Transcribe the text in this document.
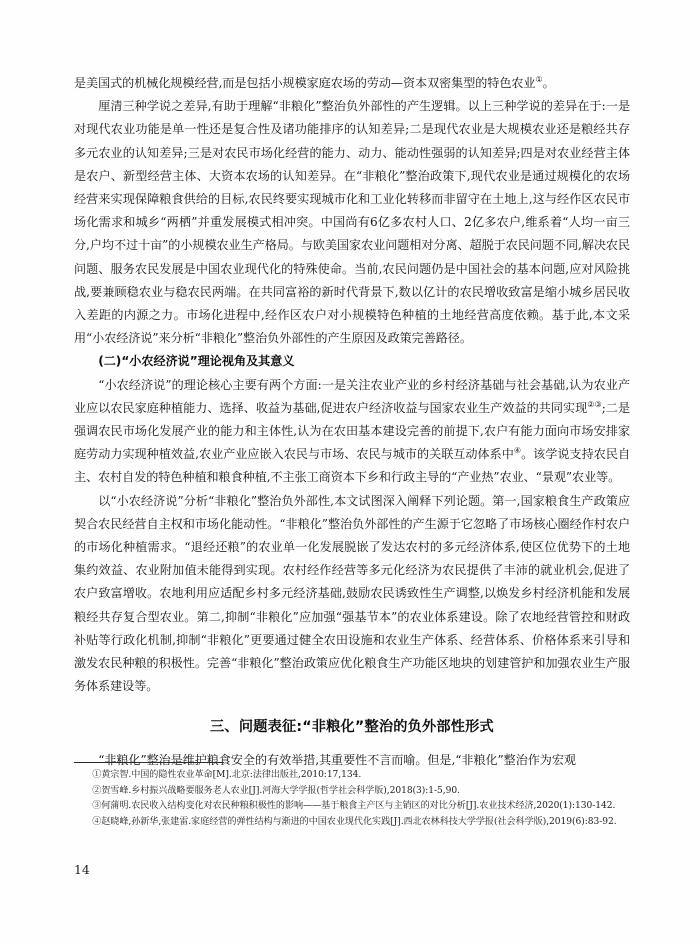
是美国式的机械化规模经营,而是包括小规模家庭农场的劳动—资本双密集型的特色农业①。

厘清三种学说之差异,有助于理解“非粮化”整治负外部性的产生逻辑。以上三种学说的差异在于:一是对现代农业功能是单一性还是复合性及诸功能排序的认知差异;二是现代农业是大规模农业还是粮经共存多元农业的认知差异;三是对农民市场化经营的能力、动力、能动性强弱的认知差异;四是对农业经营主体是农户、新型经营主体、大资本农场的认知差异。在“非粮化”整治政策下,现代农业是通过规模化的农场经营来实现保障粮食供给的目标,农民终要实现城市化和工业化转移而非留守在土地上,这与经作区农民市场化需求和城乡“两栖”并重发展模式相冲突。中国尚有6亿多农村人口、2亿多农户,维系着“人均一亩三分,户均不过十亩”的小规模农业生产格局。与欧美国家农业问题相对分离、超脱于农民问题不同,解决农民问题、服务农民发展是中国农业现代化的特殊使命。当前,农民问题仍是中国社会的基本问题,应对风险挑战,要兼顾稳农业与稳农民两端。在共同富裕的新时代背景下,数以亿计的农民增收致富是缩小城乡居民收入差距的内源之力。市场化进程中,经作区农户对小规模特色种植的土地经营高度依赖。基于此,本文采用“小农经济说”来分析“非粮化”整治负外部性的产生原因及政策完善路径。

(二)“小农经济说”理论视角及其意义

“小农经济说”的理论核心主要有两个方面:一是关注农业产业的乡村经济基础与社会基础,认为农业产业应以农民家庭种植能力、选择、收益为基础,促进农户经济收益与国家农业生产效益的共同实现②③;二是强调农民市场化发展产业的能力和主体性,认为在农田基本建设完善的前提下,农户有能力面向市场安排家庭劳动力实现种植效益,农业产业应嵌入农民与市场、农民与城市的关联互动体系中④。该学说支持农民自主、农村自发的特色种植和粮食种植,不主张工商资本下乡和行政主导的“产业热”农业、“景观”农业等。

以“小农经济说”分析“非粮化”整治负外部性,本文试图深入阐释下列论题。第一,国家粮食生产政策应契合农民经营自主权和市场化能动性。“非粮化”整治负外部性的产生源于它忽略了市场核心圈经作村农户的市场化种植需求。“退经还粮”的农业单一化发展脱嵌了发达农村的多元经济体系,使区位优势下的土地集约效益、农业附加值未能得到实现。农村经作经营等多元化经济为农民提供了丰沛的就业机会,促进了农户致富增收。农地利用应适配乡村多元经济基础,鼓励农民诱致性生产调整,以焕发乡村经济机能和发展粮经共存复合型农业。第二,抑制“非粮化”应加强“强基节本”的农业体系建设。除了农地经营管控和财政补贴等行政化机制,抑制“非粮化”更要通过健全农田设施和农业生产体系、经营体系、价格体系来引导和激发农民种粮的积极性。完善“非粮化”整治政策应优化粮食生产功能区地块的划建管护和加强农业生产服务体系建设等。

三、问题表征:“非粮化”整治的负外部性形式

“非粮化”整治是维护粮食安全的有效举措,其重要性不言而喻。但是,“非粮化”整治作为宏观

①黄宗智.中国的隐性农业革命[M].北京:法律出版社,2010:17,134.

②贺雪峰.乡村振兴战略要服务老人农业[J].河海大学学报(哲学社会科学版),2018(3):1-5,90.

③何蒲明.农民收入结构变化对农民种粮积极性的影响——基于粮食主产区与主销区的对比分析[J].农业技术经济,2020(1):130-142.

④赵晓峰,孙新华,张建雷.家庭经营的弹性结构与渐进的中国农业现代化实践[J].西北农林科技大学学报(社会科学版),2019(6):83-92.

14
